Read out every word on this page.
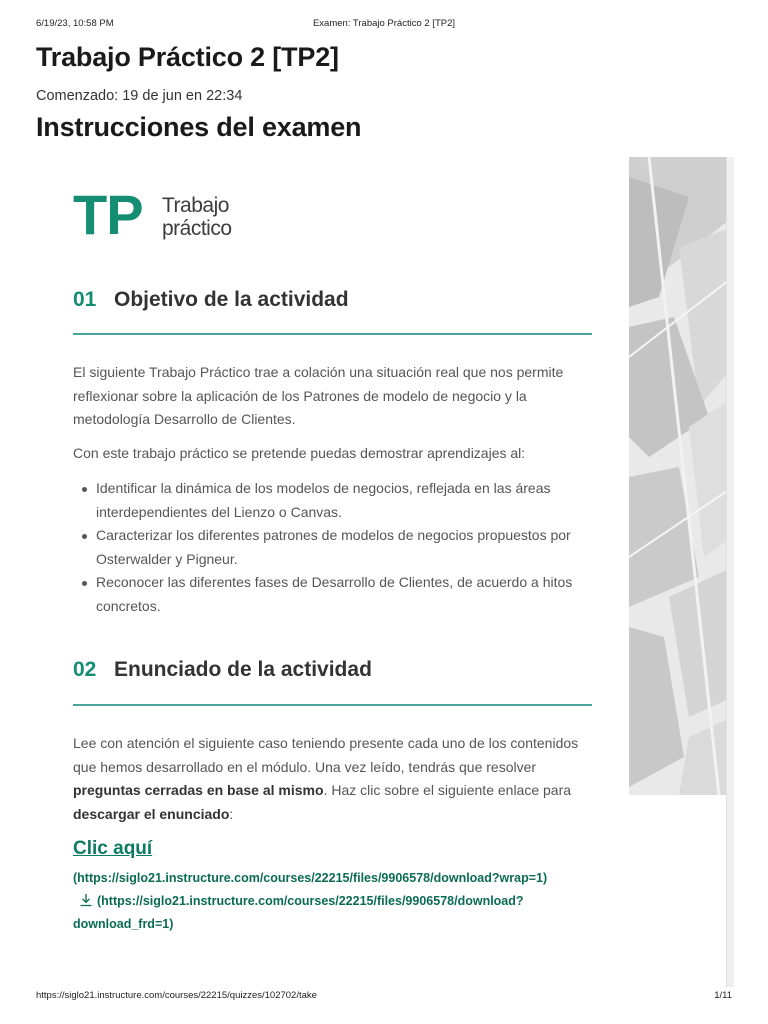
6/19/23, 10:58 PM	Examen: Trabajo Práctico 2 [TP2]
Trabajo Práctico 2 [TP2]
Comenzado: 19 de jun en 22:34
Instrucciones del examen
TP Trabajo
práctico
01 Objetivo de la actividad

El siguiente Trabajo Práctico trae a colación una situación real que nos permite reflexionar sobre la aplicación de los Patrones de modelo de negocio y la metodología Desarrollo de Clientes.

Con este trabajo práctico se pretende puedas demostrar aprendizajes al:

Identificar la dinámica de los modelos de negocios, reflejada en las áreas interdependientes del Lienzo o Canvas.
Caracterizar los diferentes patrones de modelos de negocios propuestos por Osterwalder y Pigneur.
Reconocer las diferentes fases de Desarrollo de Clientes, de acuerdo a hitos concretos.
02 Enunciado de la actividad

Lee con atención el siguiente caso teniendo presente cada uno de los contenidos que hemos desarrollado en el módulo. Una vez leído, tendrás que resolver preguntas cerradas en base al mismo. Haz clic sobre el siguiente enlace para descargar el enunciado:

Clic aquí
(https://siglo21.instructure.com/courses/22215/files/9906578/download?wrap=1)
(https://siglo21.instructure.com/courses/22215/files/9906578/download?
download_frd=1)
https://siglo21.instructure.com/courses/22215/quizzes/102702/take	1/11
